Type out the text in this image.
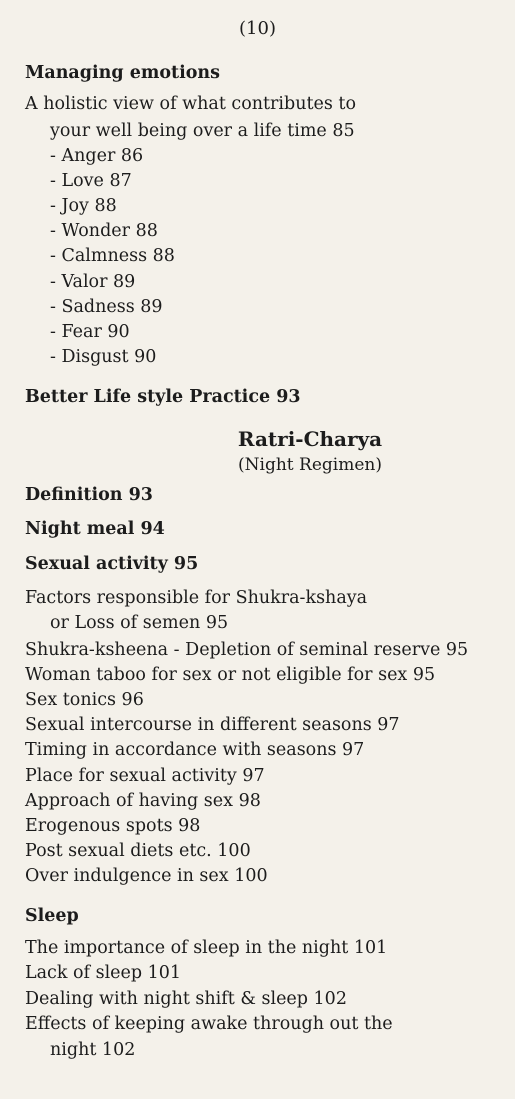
(10)
Managing emotions
A holistic view of what contributes to
your well being over a life time 85
- Anger 86
- Love 87
- Joy 88
- Wonder 88
- Calmness 88
- Valor 89
- Sadness 89
- Fear 90
- Disgust 90
Better Life style Practice 93
Ratri-Charya
(Night Regimen)
Definition 93
Night meal 94
Sexual activity 95
Factors responsible for Shukra-kshaya
or Loss of semen 95
Shukra-ksheena - Depletion of seminal reserve 95
Woman taboo for sex or not eligible for sex 95
Sex tonics 96
Sexual intercourse in different seasons 97
Timing in accordance with seasons 97
Place for sexual activity 97
Approach of having sex 98
Erogenous spots 98
Post sexual diets etc. 100
Over indulgence in sex 100
Sleep
The importance of sleep in the night 101
Lack of sleep 101
Dealing with night shift & sleep 102
Effects of keeping awake through out the
night 102
